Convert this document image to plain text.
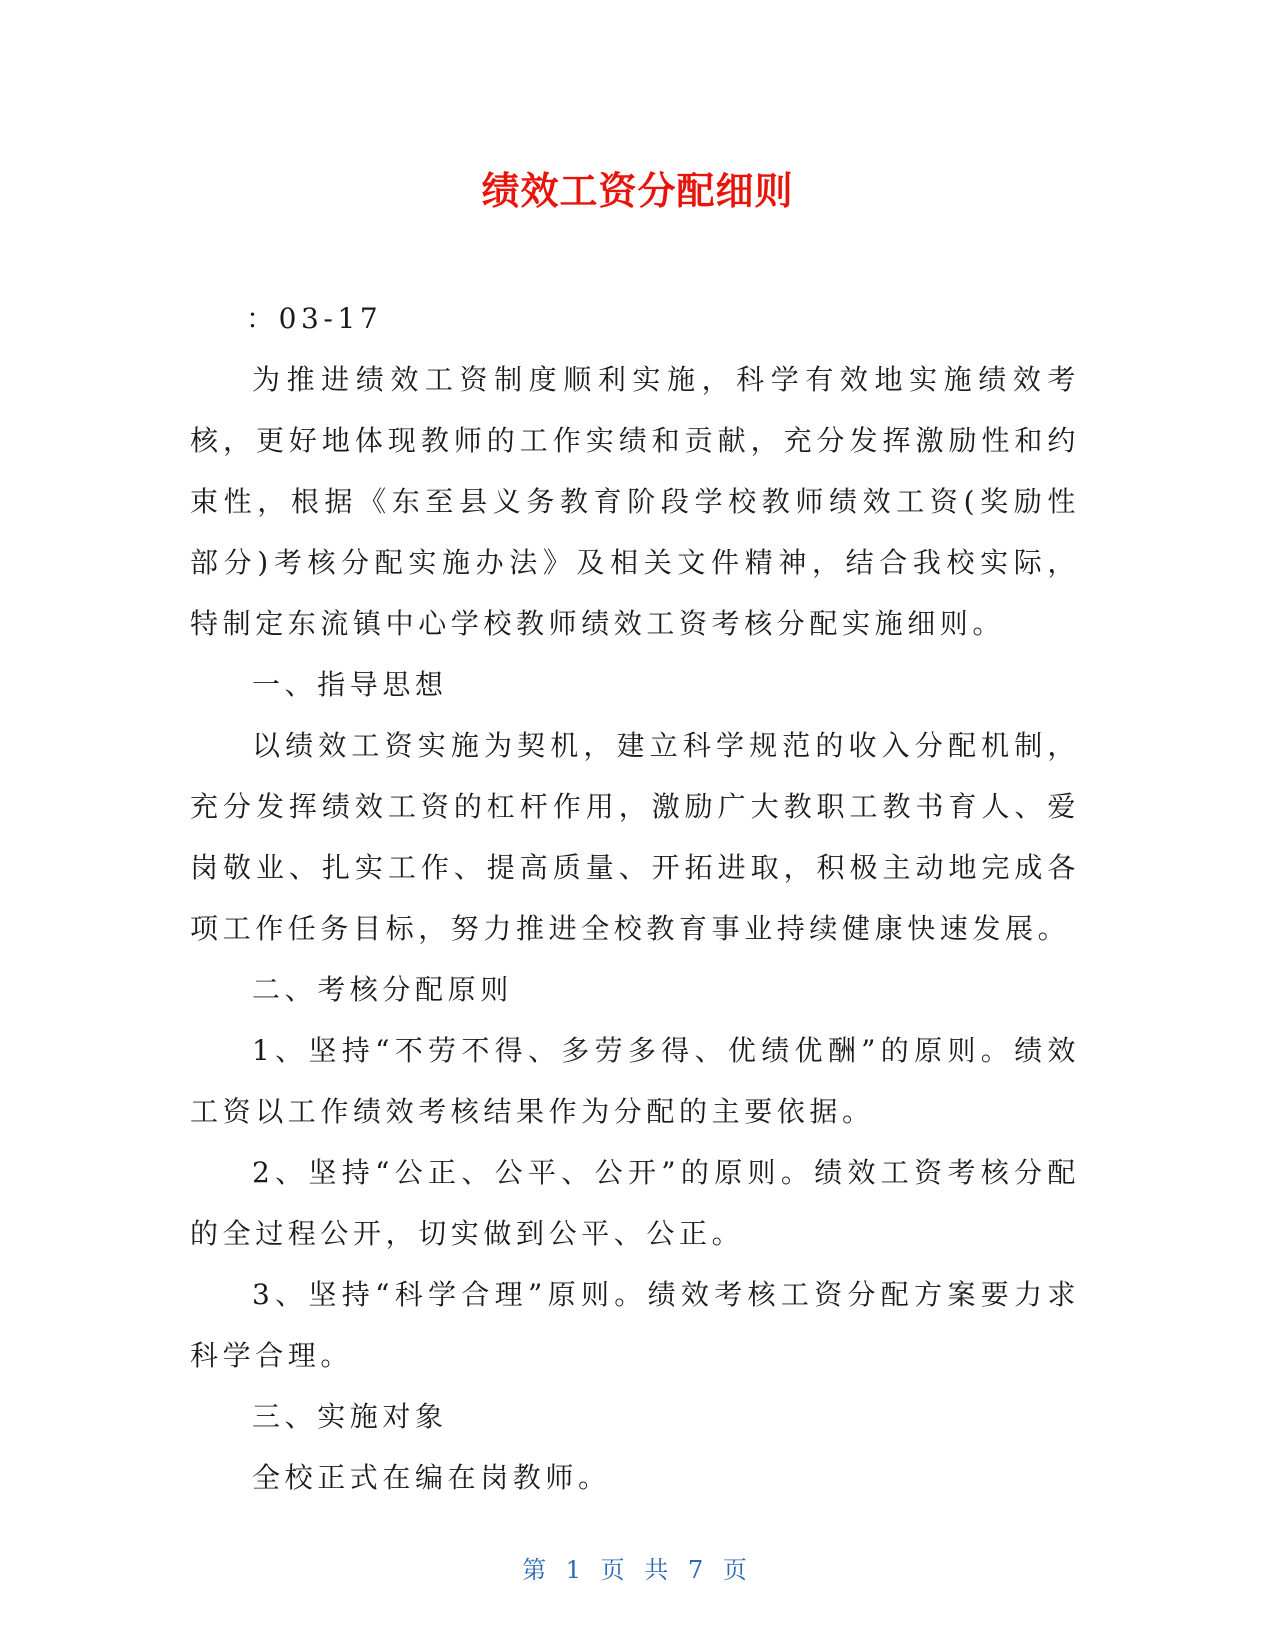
绩效工资分配细则

：03-17

为推进绩效工资制度顺利实施，科学有效地实施绩效考核，更好地体现教师的工作实绩和贡献，充分发挥激励性和约束性，根据《东至县义务教育阶段学校教师绩效工资(奖励性部分)考核分配实施办法》及相关文件精神，结合我校实际，特制定东流镇中心学校教师绩效工资考核分配实施细则。

一、指导思想

以绩效工资实施为契机，建立科学规范的收入分配机制，充分发挥绩效工资的杠杆作用，激励广大教职工教书育人、爱岗敬业、扎实工作、提高质量、开拓进取，积极主动地完成各项工作任务目标，努力推进全校教育事业持续健康快速发展。

二、考核分配原则

1、坚持“不劳不得、多劳多得、优绩优酬”的原则。绩效工资以工作绩效考核结果作为分配的主要依据。

2、坚持“公正、公平、公开”的原则。绩效工资考核分配的全过程公开，切实做到公平、公正。

3、坚持“科学合理”原则。绩效考核工资分配方案要力求科学合理。

三、实施对象

全校正式在编在岗教师。

第 1 页 共 7 页
